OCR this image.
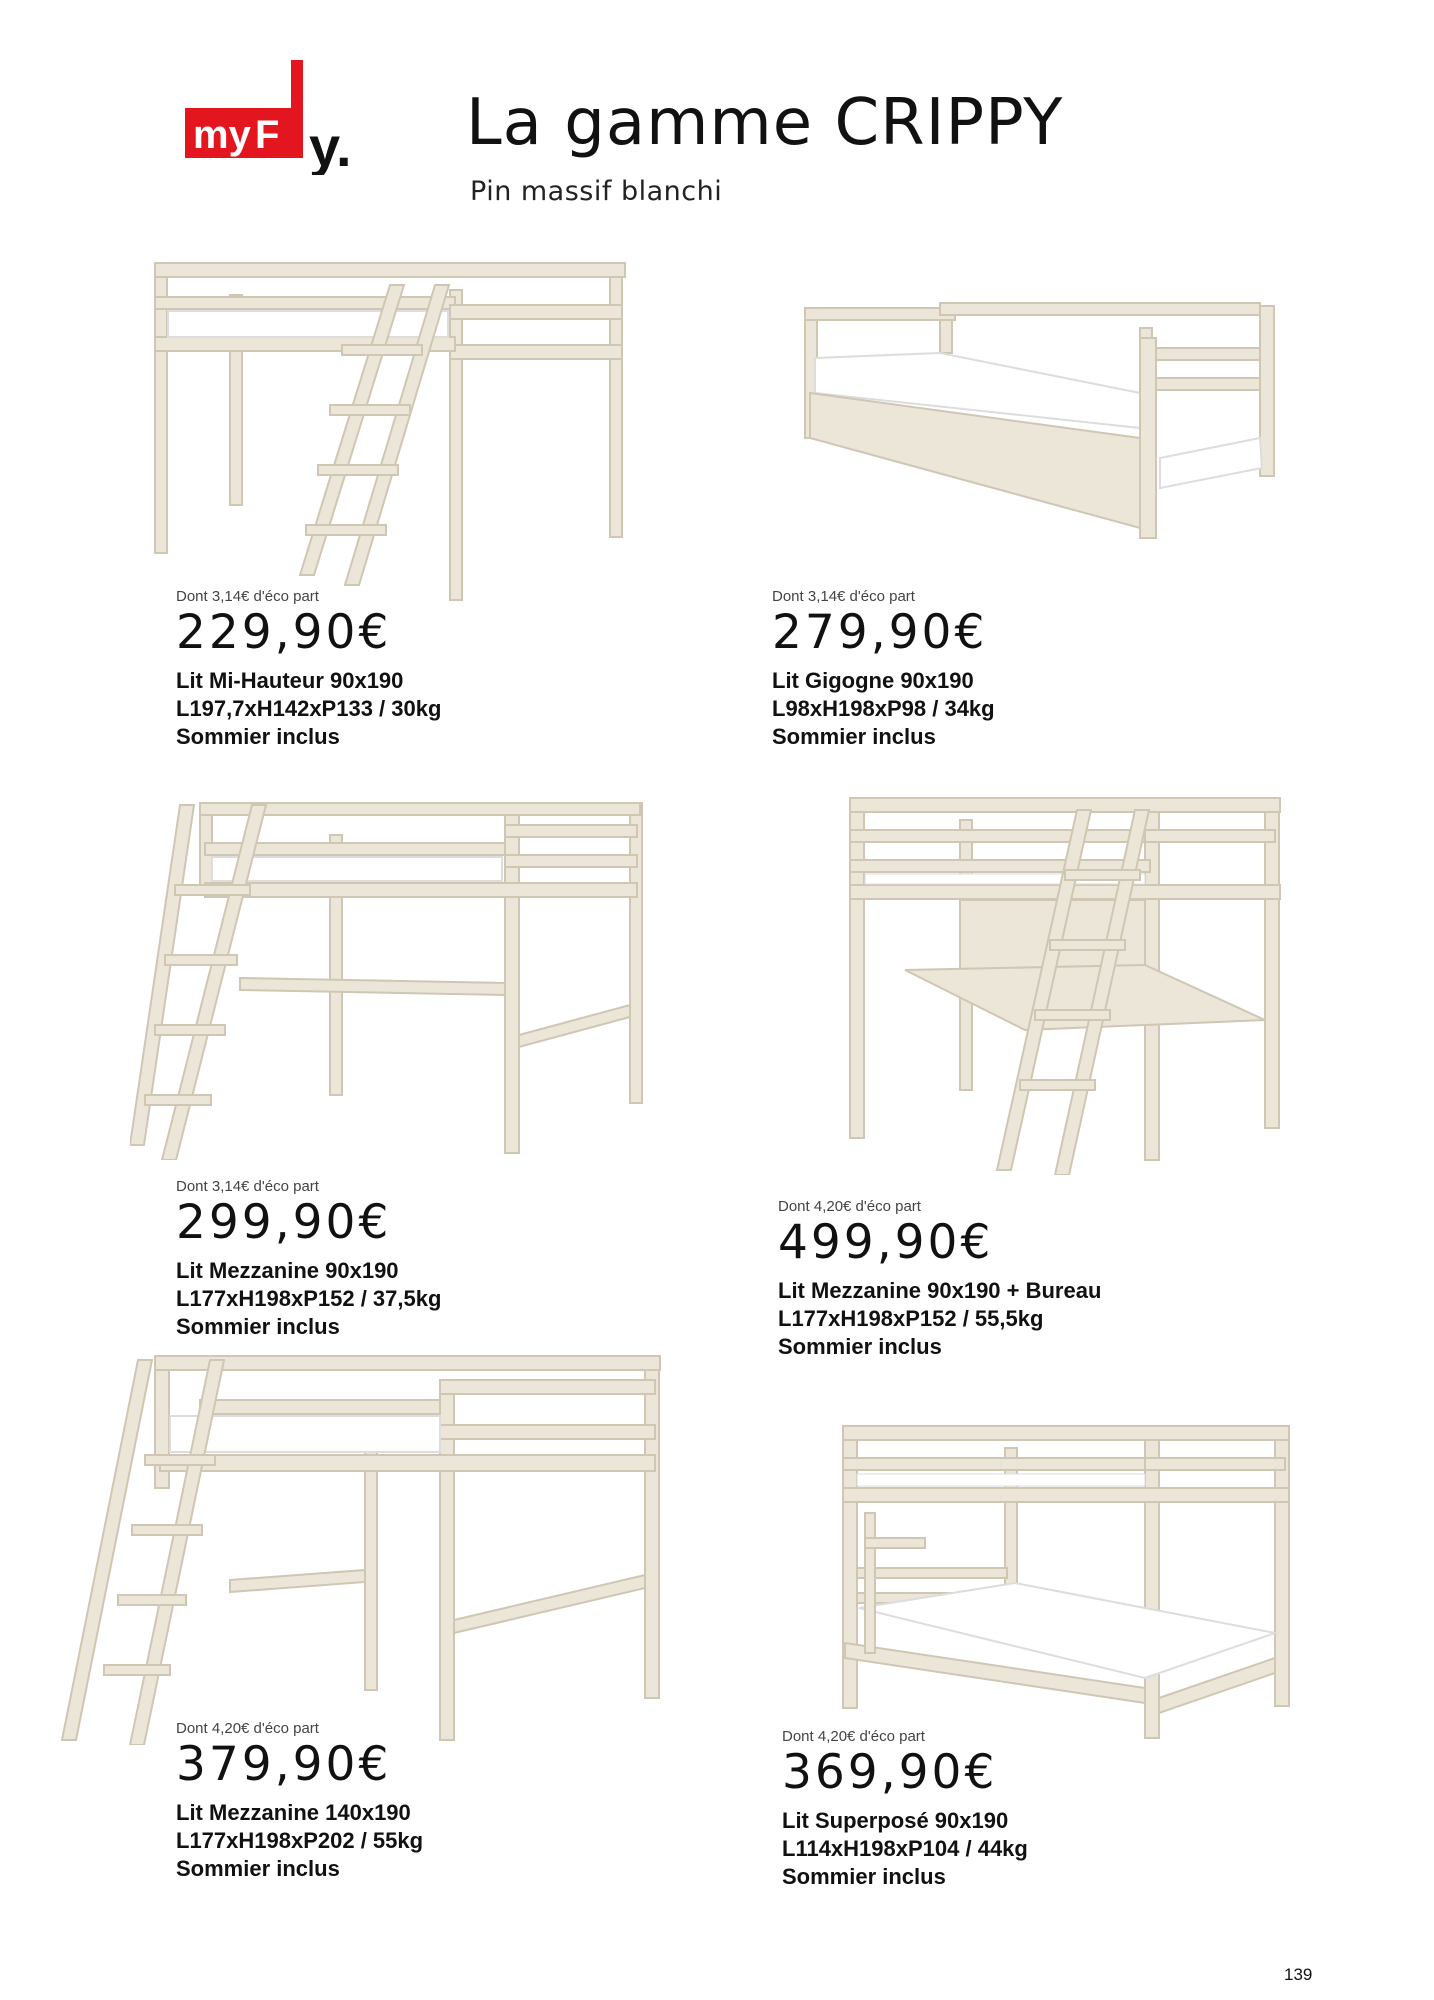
my F y. La gamme CRIPPY
Pin massif blanchi
Dont 3,14€ d'éco part
229,90€
Lit Mi-Hauteur 90x190
L197,7xH142xP133 / 30kg
Sommier inclus
Dont 3,14€ d'éco part
279,90€
Lit Gigogne 90x190
L98xH198xP98 / 34kg
Sommier inclus
Dont 3,14€ d'éco part
299,90€
Lit Mezzanine 90x190
L177xH198xP152 / 37,5kg
Sommier inclus
Dont 4,20€ d'éco part
499,90€
Lit Mezzanine 90x190 + Bureau
L177xH198xP152 / 55,5kg
Sommier inclus
Dont 4,20€ d'éco part
379,90€
Lit Mezzanine 140x190
L177xH198xP202 / 55kg
Sommier inclus
Dont 4,20€ d'éco part
369,90€
Lit Superposé 90x190
L114xH198xP104 / 44kg
Sommier inclus
139
